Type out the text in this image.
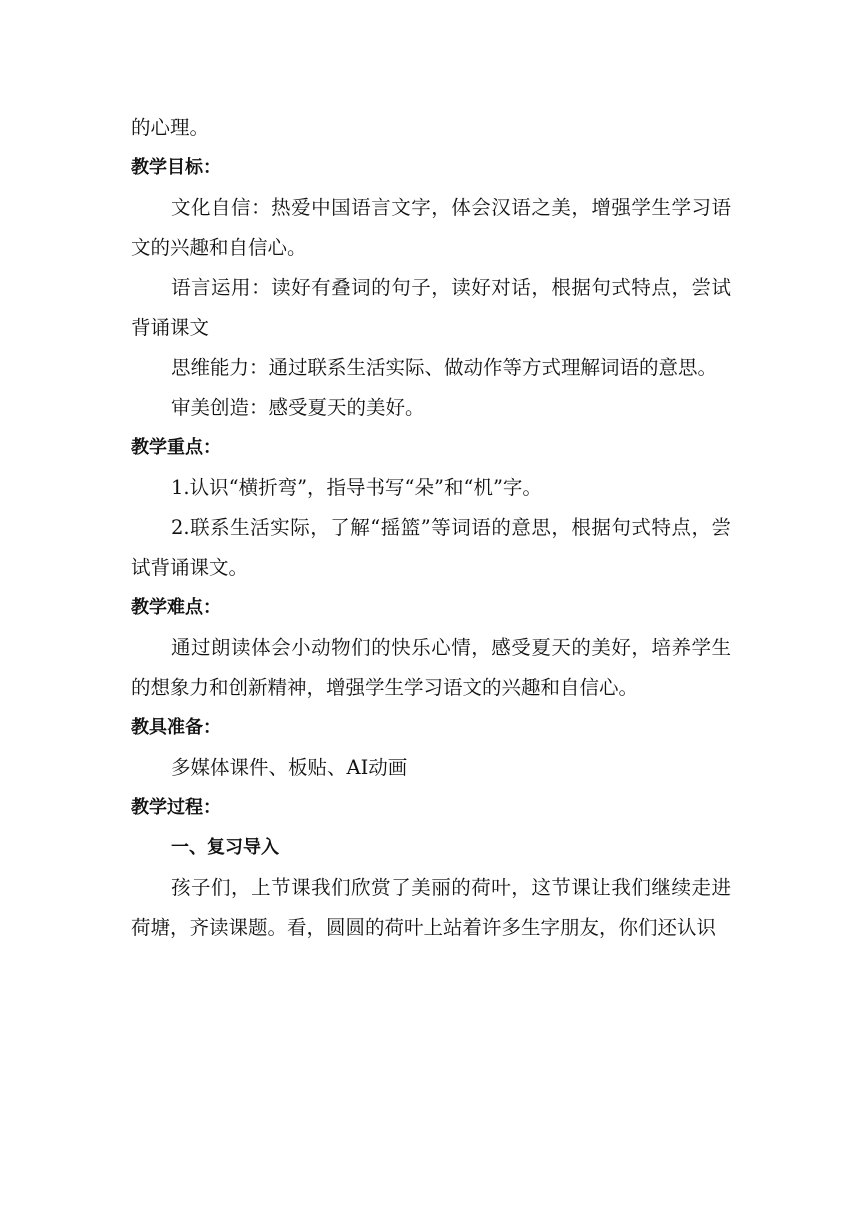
的心理。
教学目标：

文化自信：热爱中国语言文字，体会汉语之美，增强学生学习语文的兴趣和自信心。

语言运用：读好有叠词的句子，读好对话，根据句式特点，尝试背诵课文

思维能力：通过联系生活实际、做动作等方式理解词语的意思。

审美创造：感受夏天的美好。

教学重点：

1.认识“横折弯”，指导书写“朵”和“机”字。

2.联系生活实际，了解“摇篮”等词语的意思，根据句式特点，尝试背诵课文。

教学难点：

通过朗读体会小动物们的快乐心情，感受夏天的美好，培养学生的想象力和创新精神，增强学生学习语文的兴趣和自信心。

教具准备：

多媒体课件、板贴、AI动画

教学过程：
一、复习导入

孩子们，上节课我们欣赏了美丽的荷叶，这节课让我们继续走进荷塘，齐读课题。看，圆圆的荷叶上站着许多生字朋友，你们还认识
